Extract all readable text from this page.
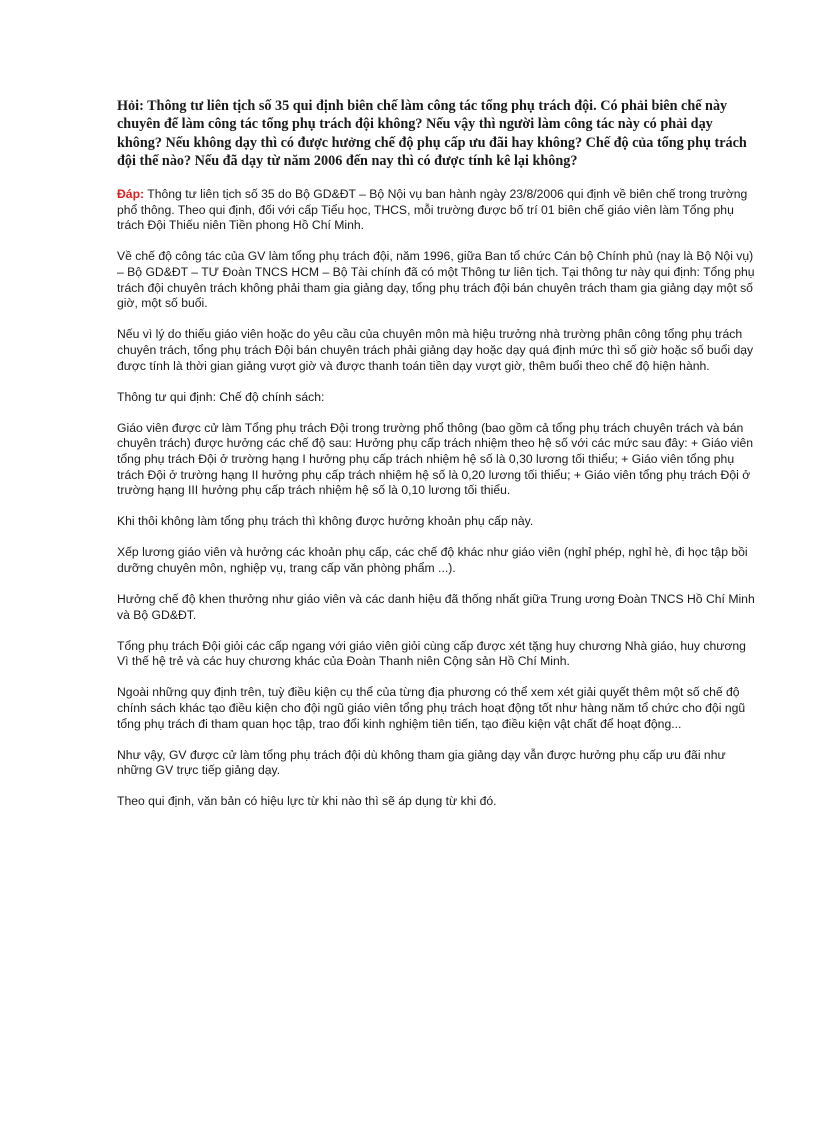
Hỏi: Thông tư liên tịch số 35 qui định biên chế làm công tác tổng phụ trách đội. Có phải biên chế này chuyên để làm công tác tổng phụ trách đội không? Nếu vậy thì người làm công tác này có phải dạy không? Nếu không dạy thì có được hưởng chế độ phụ cấp ưu đãi hay không? Chế độ của tổng phụ trách đội thế nào? Nếu đã dạy từ năm 2006 đến nay thì có được tính kê lại không?

Đáp: Thông tư liên tịch số 35 do Bộ GD&ĐT – Bộ Nội vụ ban hành ngày 23/8/2006 qui định về biên chế trong trường phổ thông. Theo qui định, đối với cấp Tiểu học, THCS, mỗi trường được bố trí 01 biên chế giáo viên làm Tổng phụ trách Đội Thiếu niên Tiền phong Hồ Chí Minh.

Về chế độ công tác của GV làm tổng phụ trách đội, năm 1996, giữa Ban tổ chức Cán bộ Chính phủ (nay là Bộ Nội vụ) – Bộ GD&ĐT – TƯ Đoàn TNCS HCM – Bộ Tài chính đã có một Thông tư liên tịch. Tại thông tư này qui định: Tổng phụ trách đội chuyên trách không phải tham gia giảng dạy, tổng phụ trách đội bán chuyên trách tham gia giảng dạy một số giờ, một số buổi.

Nếu vì lý do thiếu giáo viên hoặc do yêu cầu của chuyên môn mà hiệu trưởng nhà trường phân công tổng phụ trách chuyên trách, tổng phụ trách Đội bán chuyên trách phải giảng dạy hoặc dạy quá định mức thì số giờ hoặc số buổi dạy được tính là thời gian giảng vượt giờ và được thanh toán tiền dạy vượt giờ, thêm buổi theo chế độ hiện hành.

Thông tư qui định: Chế độ chính sách:

Giáo viên được cử làm Tổng phụ trách Đội trong trường phổ thông (bao gồm cả tổng phụ trách chuyên trách và bán chuyên trách) được hưởng các chế độ sau: Hưởng phụ cấp trách nhiệm theo hệ số với các mức sau đây: + Giáo viên tổng phụ trách Đội ở trường hạng I hưởng phụ cấp trách nhiệm hệ số là 0,30 lương tối thiểu; + Giáo viên tổng phụ trách Đội ở trường hạng II hưởng phụ cấp trách nhiệm hệ số là 0,20 lương tối thiểu; + Giáo viên tổng phụ trách Đội ở trường hạng III hưởng phụ cấp trách nhiệm hệ số là 0,10 lương tối thiểu.

Khi thôi không làm tổng phụ trách thì không được hưởng khoản phụ cấp này.

Xếp lương giáo viên và hưởng các khoản phụ cấp, các chế độ khác như giáo viên (nghỉ phép, nghỉ hè, đi học tập bồi dưỡng chuyên môn, nghiệp vụ, trang cấp văn phòng phẩm ...).

Hưởng chế độ khen thưởng như giáo viên và các danh hiệu đã thống nhất giữa Trung ương Đoàn TNCS Hồ Chí Minh và Bộ GD&ĐT.

Tổng phụ trách Đội giỏi các cấp ngang với giáo viên giỏi cùng cấp được xét tặng huy chương Nhà giáo, huy chương Vì thế hệ trẻ và các huy chương khác của Đoàn Thanh niên Cộng sản Hồ Chí Minh.

Ngoài những quy định trên, tuỳ điều kiện cụ thể của từng địa phương có thể xem xét giải quyết thêm một số chế độ chính sách khác tạo điều kiện cho đội ngũ giáo viên tổng phụ trách hoạt động tốt như hàng năm tổ chức cho đội ngũ tổng phụ trách đi tham quan học tập, trao đổi kinh nghiệm tiên tiến, tạo điều kiện vật chất để hoạt động...

Như vậy, GV được cử làm tổng phụ trách đội dù không tham gia giảng dạy vẫn được hưởng phụ cấp ưu đãi như những GV trực tiếp giảng dạy.

Theo qui định, văn bản có hiệu lực từ khi nào thì sẽ áp dụng từ khi đó.
